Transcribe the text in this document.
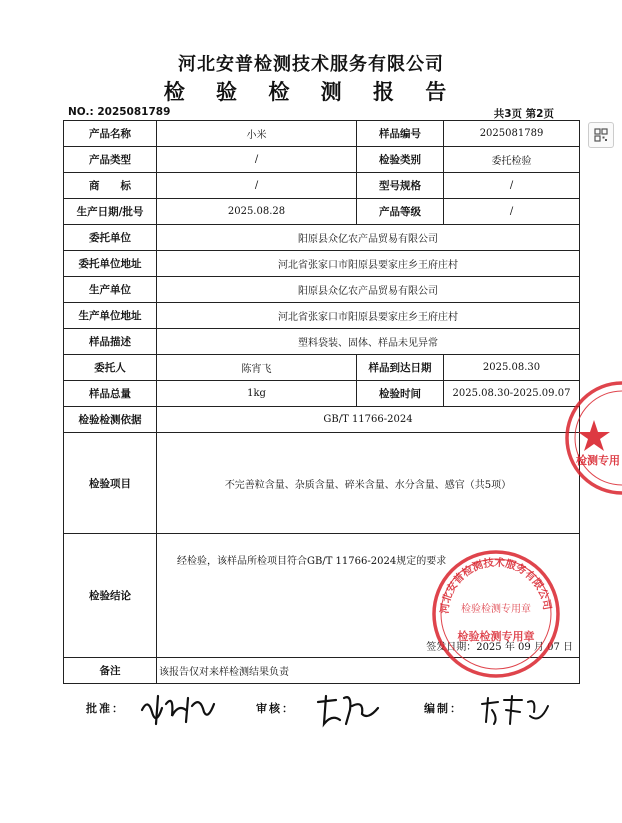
河北安普检测技术服务有限公司
检 验 检 测 报 告
NO.: 2025081789	共3页 第2页
产品名称	小米	样品编号	2025081789
产品类型	/	检验类别	委托检验
商　　标	/	型号规格	/
生产日期/批号	2025.08.28	产品等级	/
委托单位	阳原县众亿农产品贸易有限公司		
委托单位地址	河北省张家口市阳原县要家庄乡王府庄村		
生产单位	阳原县众亿农产品贸易有限公司		
生产单位地址	河北省张家口市阳原县要家庄乡王府庄村		
样品描述	塑料袋装、固体、样品未见异常		
委托人	陈宵飞	样品到达日期	2025.08.30
样品总量	1kg	检验时间	2025.08.30-2025.09.07
检验检测依据	GB/T 11766-2024		
检验项目	不完善粒含量、杂质含量、碎米含量、水分含量、感官（共5项）		
检验结论	经检验，该样品所检项目符合GB/T 11766-2024规定的要求
签发日期：2025 年 09 月 07 日		

备注	该报告仅对来样检测结果负责		
检测专用
河北安普检测技术服务有限公司
检验检测专用章
检验检测专用章
批准：	审核：	编制：
